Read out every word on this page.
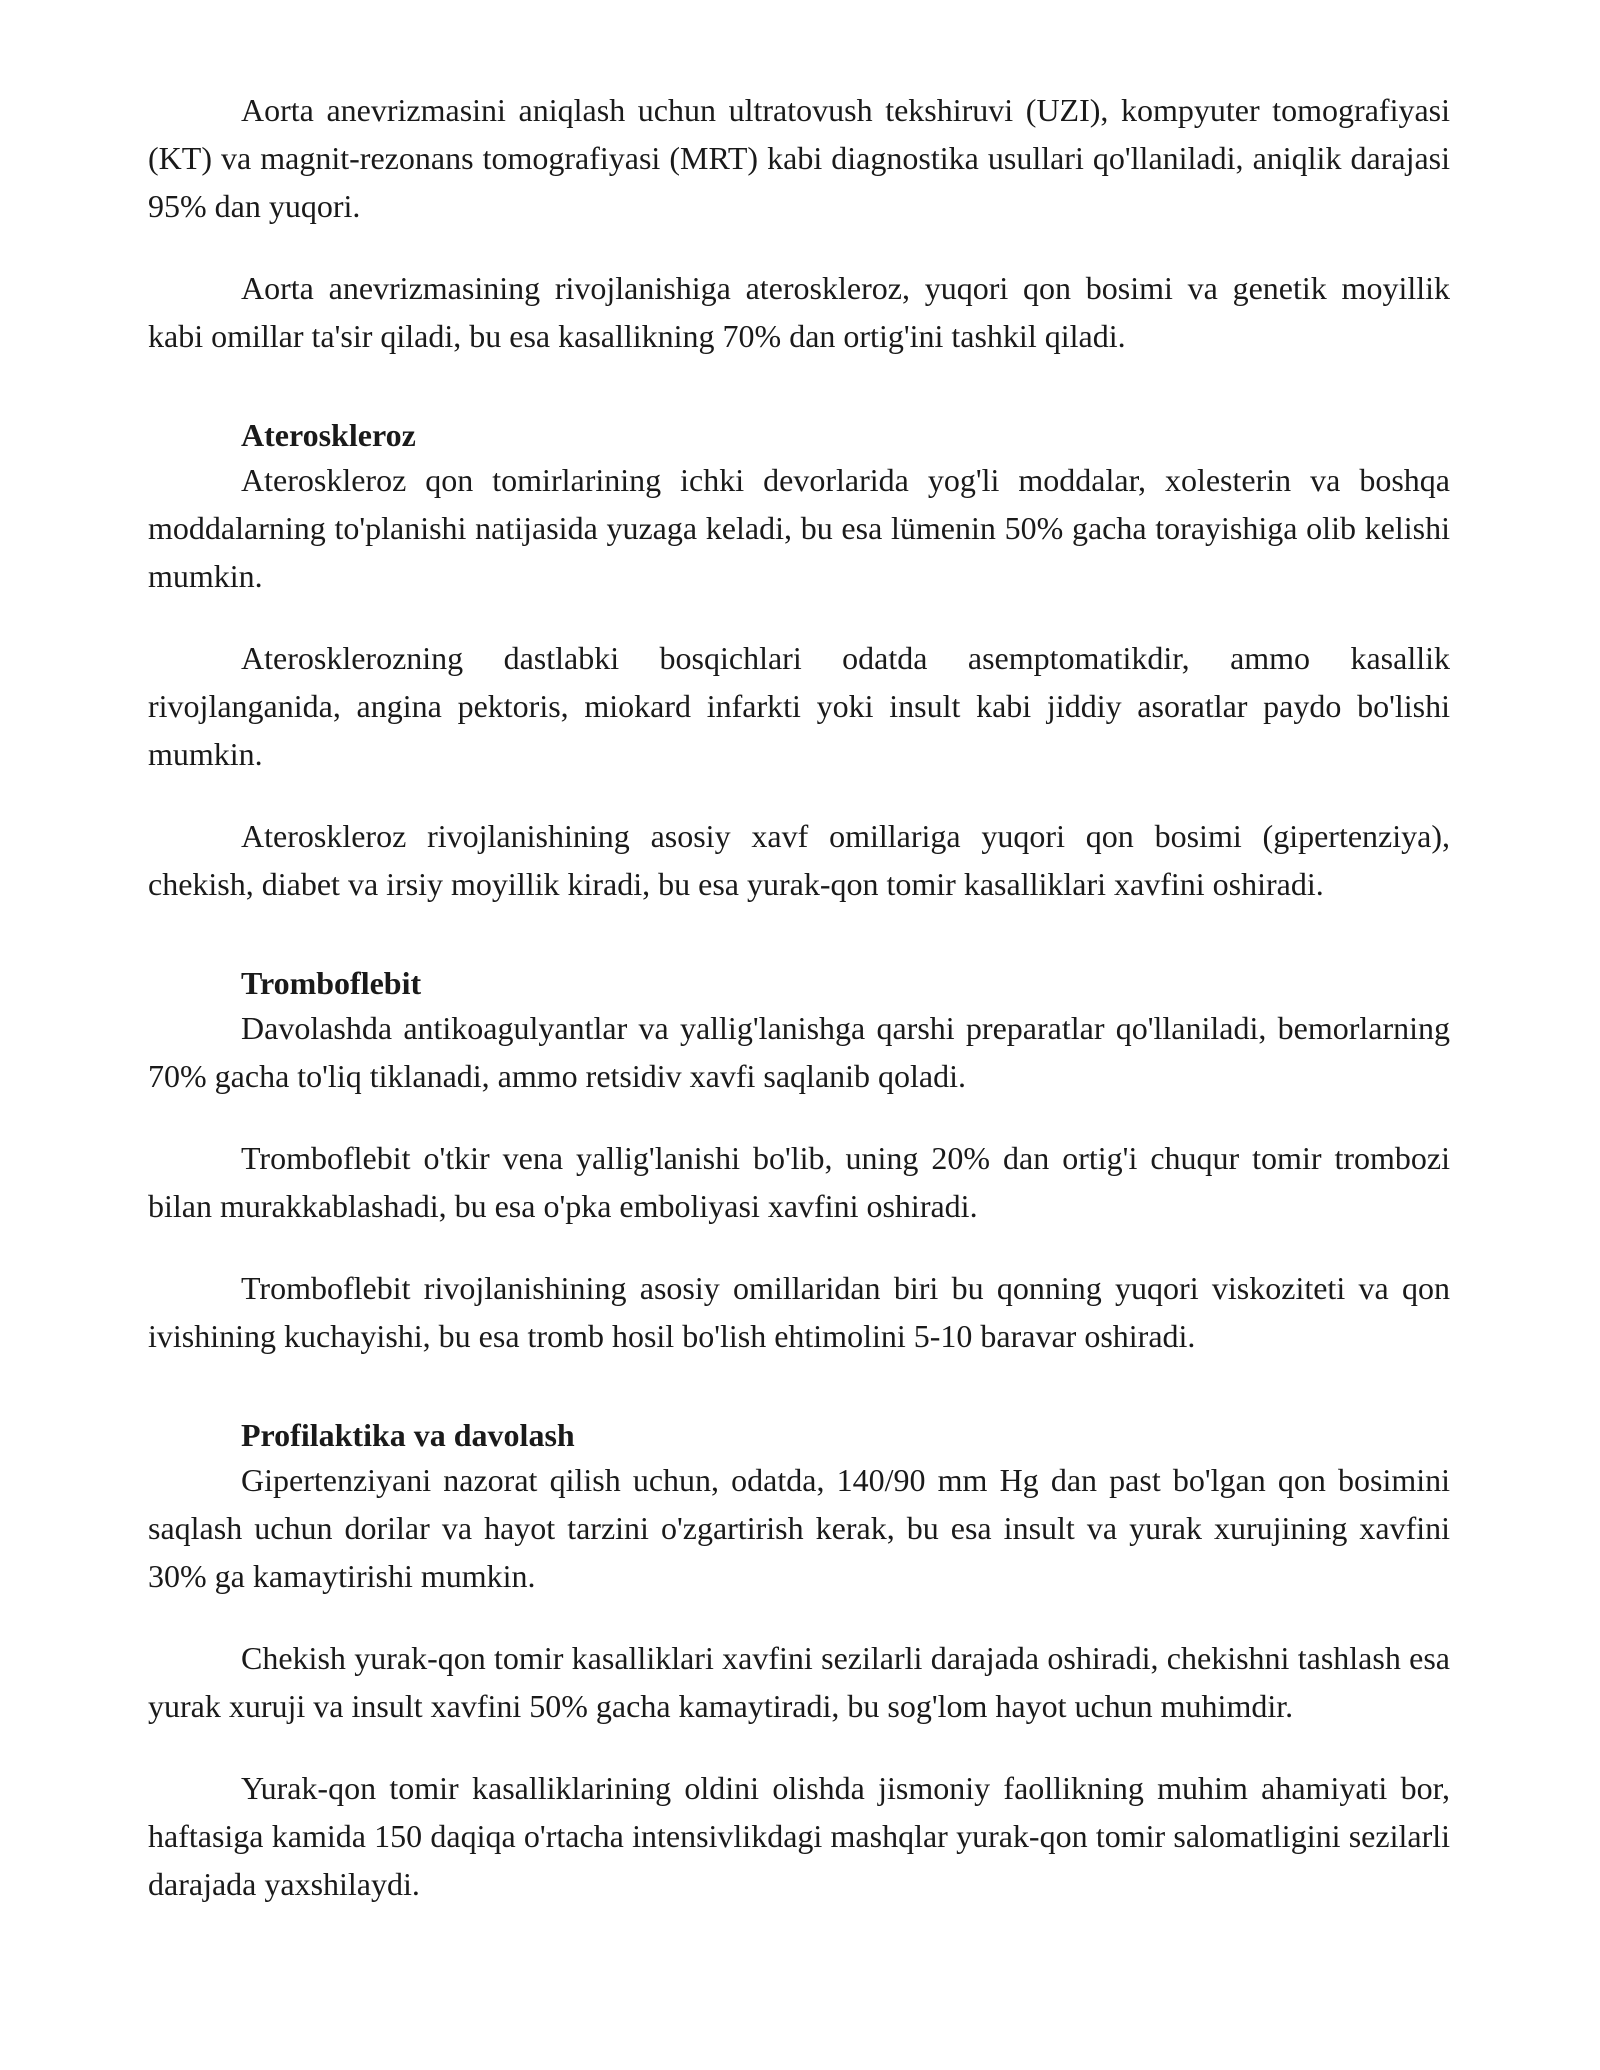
Aorta anevrizmasini aniqlash uchun ultratovush tekshiruvi (UZI), kompyuter tomografiyasi (KT) va magnit-rezonans tomografiyasi (MRT) kabi diagnostika usullari qo'llaniladi, aniqlik darajasi 95% dan yuqori.

Aorta anevrizmasining rivojlanishiga ateroskleroz, yuqori qon bosimi va genetik moyillik kabi omillar ta'sir qiladi, bu esa kasallikning 70% dan ortig'ini tashkil qiladi.

Ateroskleroz

Ateroskleroz qon tomirlarining ichki devorlarida yog'li moddalar, xolesterin va boshqa moddalarning to'planishi natijasida yuzaga keladi, bu esa lümenin 50% gacha torayishiga olib kelishi mumkin.

Aterosklerozning dastlabki bosqichlari odatda asemptomatikdir, ammo kasallik rivojlanganida, angina pektoris, miokard infarkti yoki insult kabi jiddiy asoratlar paydo bo'lishi mumkin.

Ateroskleroz rivojlanishining asosiy xavf omillariga yuqori qon bosimi (gipertenziya), chekish, diabet va irsiy moyillik kiradi, bu esa yurak-qon tomir kasalliklari xavfini oshiradi.

Tromboflebit

Davolashda antikoagulyantlar va yallig'lanishga qarshi preparatlar qo'llaniladi, bemorlarning 70% gacha to'liq tiklanadi, ammo retsidiv xavfi saqlanib qoladi.

Tromboflebit o'tkir vena yallig'lanishi bo'lib, uning 20% dan ortig'i chuqur tomir trombozi bilan murakkablashadi, bu esa o'pka emboliyasi xavfini oshiradi.

Tromboflebit rivojlanishining asosiy omillaridan biri bu qonning yuqori viskoziteti va qon ivishining kuchayishi, bu esa tromb hosil bo'lish ehtimolini 5-10 baravar oshiradi.

Profilaktika va davolash

Gipertenziyani nazorat qilish uchun, odatda, 140/90 mm Hg dan past bo'lgan qon bosimini saqlash uchun dorilar va hayot tarzini o'zgartirish kerak, bu esa insult va yurak xurujining xavfini 30% ga kamaytirishi mumkin.

Chekish yurak-qon tomir kasalliklari xavfini sezilarli darajada oshiradi, chekishni tashlash esa yurak xuruji va insult xavfini 50% gacha kamaytiradi, bu sog'lom hayot uchun muhimdir.

Yurak-qon tomir kasalliklarining oldini olishda jismoniy faollikning muhim ahamiyati bor, haftasiga kamida 150 daqiqa o'rtacha intensivlikdagi mashqlar yurak-qon tomir salomatligini sezilarli darajada yaxshilaydi.
